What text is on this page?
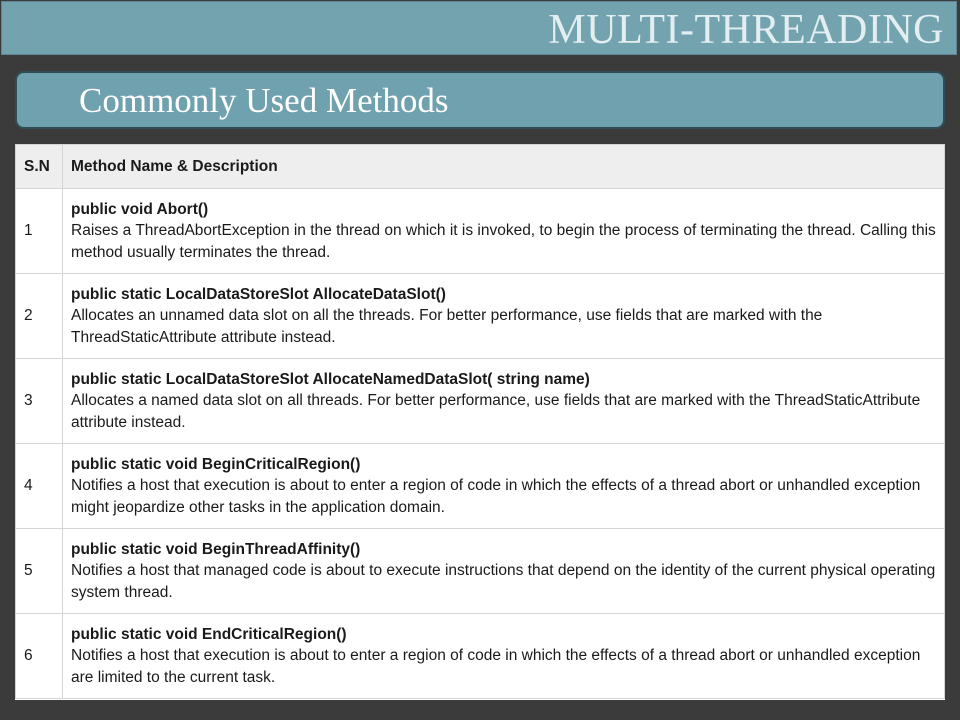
MULTI-THREADING
Commonly Used Methods
S.N	Method Name & Description
1	public void Abort()
Raises a ThreadAbortException in the thread on which it is invoked, to begin the process of terminating the thread. Calling this method usually terminates the thread.

2	public static LocalDataStoreSlot AllocateDataSlot()
Allocates an unnamed data slot on all the threads. For better performance, use fields that are marked with the ThreadStaticAttribute attribute instead.

3	public static LocalDataStoreSlot AllocateNamedDataSlot( string name)
Allocates a named data slot on all threads. For better performance, use fields that are marked with the ThreadStaticAttribute attribute instead.

4	public static void BeginCriticalRegion()
Notifies a host that execution is about to enter a region of code in which the effects of a thread abort or unhandled exception might jeopardize other tasks in the application domain.

5	public static void BeginThreadAffinity()
Notifies a host that managed code is about to execute instructions that depend on the identity of the current physical operating system thread.

6	public static void EndCriticalRegion()
Notifies a host that execution is about to enter a region of code in which the effects of a thread abort or unhandled exception are limited to the current task.
